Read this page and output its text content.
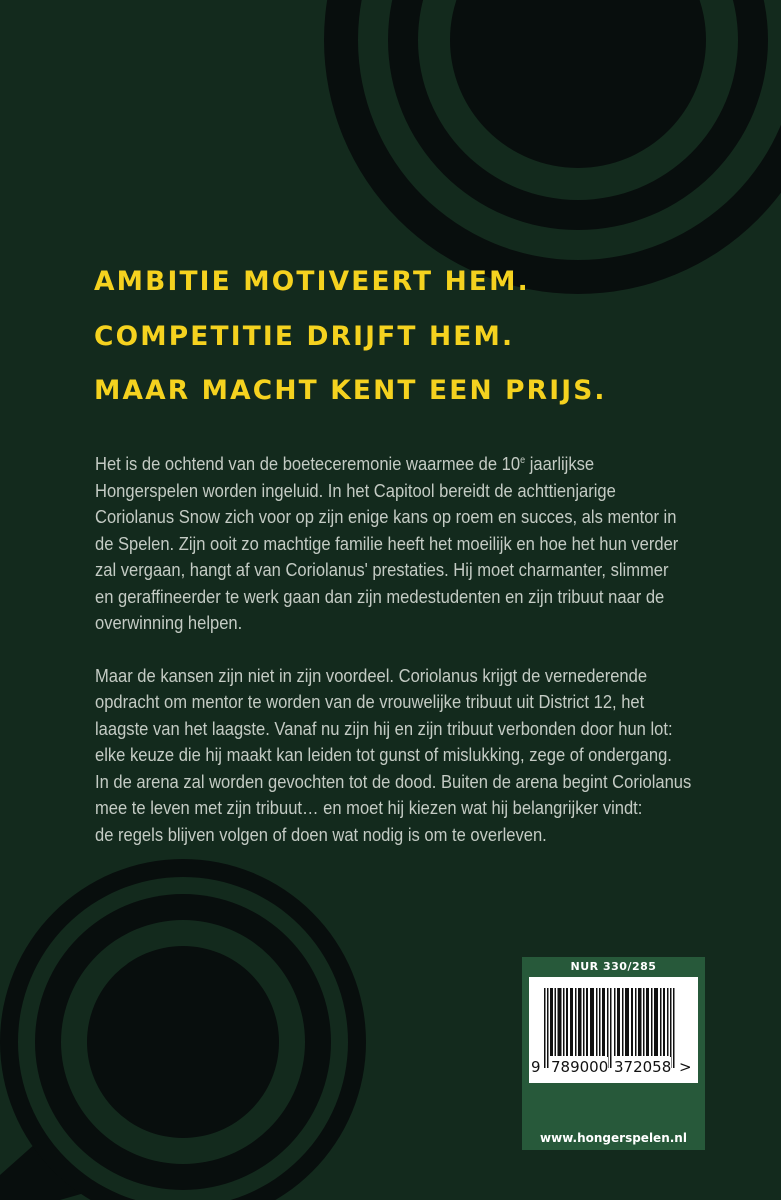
AMBITIE MOTIVEERT HEM.
COMPETITIE DRIJFT HEM.
MAAR MACHT KENT EEN PRIJS.

Het is de ochtend van de boeteceremonie waarmee de 10e jaarlijkse
Hongerspelen worden ingeluid. In het Capitool bereidt de achttienjarige
Coriolanus Snow zich voor op zijn enige kans op roem en succes, als mentor in
de Spelen. Zijn ooit zo machtige familie heeft het moeilijk en hoe het hun verder
zal vergaan, hangt af van Coriolanus' prestaties. Hij moet charmanter, slimmer
en geraffineerder te werk gaan dan zijn medestudenten en zijn tribuut naar de
overwinning helpen.

Maar de kansen zijn niet in zijn voordeel. Coriolanus krijgt de vernederende
opdracht om mentor te worden van de vrouwelijke tribuut uit District 12, het
laagste van het laagste. Vanaf nu zijn hij en zijn tribuut verbonden door hun lot:
elke keuze die hij maakt kan leiden tot gunst of mislukking, zege of ondergang.
In de arena zal worden gevochten tot de dood. Buiten de arena begint Coriolanus
mee te leven met zijn tribuut… en moet hij kiezen wat hij belangrijker vindt:
de regels blijven volgen of doen wat nodig is om te overleven.

NUR 330/285
9 789000 372058 >
www.hongerspelen.nl
